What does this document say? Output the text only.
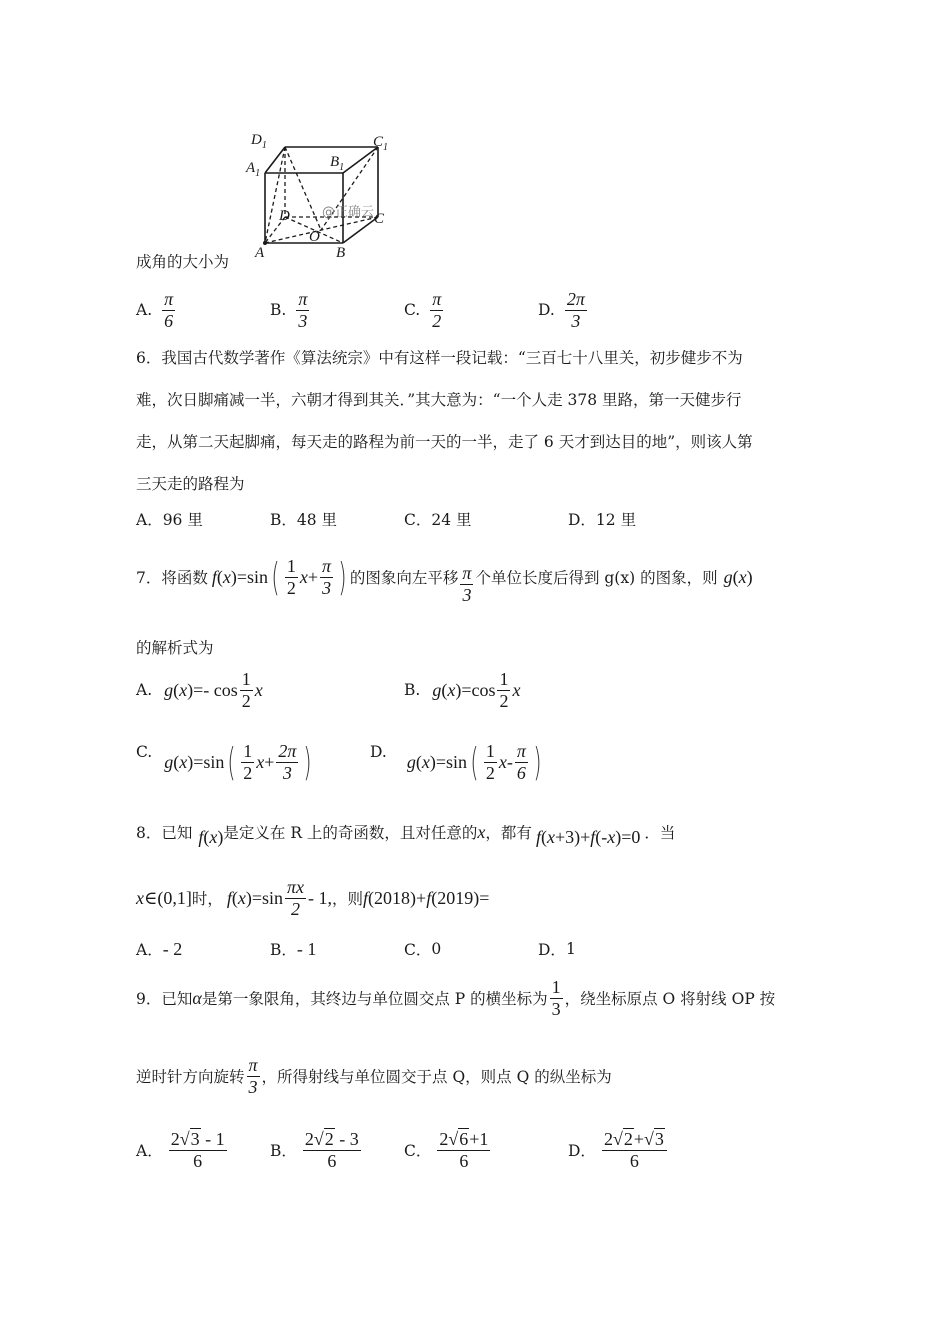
$D_1$	$C_1$
$A_1$
$B_1$
D	C
A	B
O
@正确云
成角的大小为
A. $\frac{\pi}{6}$	B. $\frac{\pi}{3}$	C. $\frac{\pi}{2}$	D. $\frac{2\pi}{3}$
6．我国古代数学著作《算法统宗》中有这样一段记载：“三百七十八里关，初步健步不为
难，次日脚痛减一半，六朝才得到其关．”其大意为：“一个人走 378 里路，第一天健步行
走，从第二天起脚痛，每天走的路程为前一天的一半，走了 6 天才到达目的地”，则该人第
三天走的路程为
A．96 里	B．48 里	C．24 里	D．12 里
7．将函数 f ( x ) =sin ( $\frac{1}{2}$ $x + \frac{\pi}{3}$ ) 的图象向左平移 $\frac{\pi}{3}$ 个单位长度后得到 g(x) 的图象，则 g ( x )
的解析式为
A. g ( x ) =- $\cos \frac{1}{2}$ x	B. g ( x ) $=\cos \frac{1}{2}$ x
C. g ( x ) =sin ( $\frac{1}{2}$ $x + \frac{2\pi}{3}$ )	D. g ( x ) =sin ( $\frac{1}{2}$ x - $\frac{\pi}{6}$ )
8．已知 f ( x ) 是定义在 R 上的奇函数，且对任意的 x ，都有 f ( x +3)+ f (- x )=0 ．当
x ∈(0,1] 时， f ( x )$=\sin \frac{\pi x}{2} - 1$, ，则 f (2018)+ f (2019)=
A． - 2	B． - 1	C． 0	D． 1
9．已知 α 是第一象限角，其终边与单位圆交点 P 的横坐标为 $\frac{1}{3}$ ，绕坐标原点 O 将射线 OP 按
逆时针方向旋转 $\frac{\pi}{3}$ ，所得射线与单位圆交于点 Q，则点 Q 的纵坐标为
A． $\frac{2√3 - 1}{6}$	B． $\frac{2√2 - 3}{6}$	C． $\frac{2√6+1}{6}$	D． $\frac{2√2+√3}{6}$
